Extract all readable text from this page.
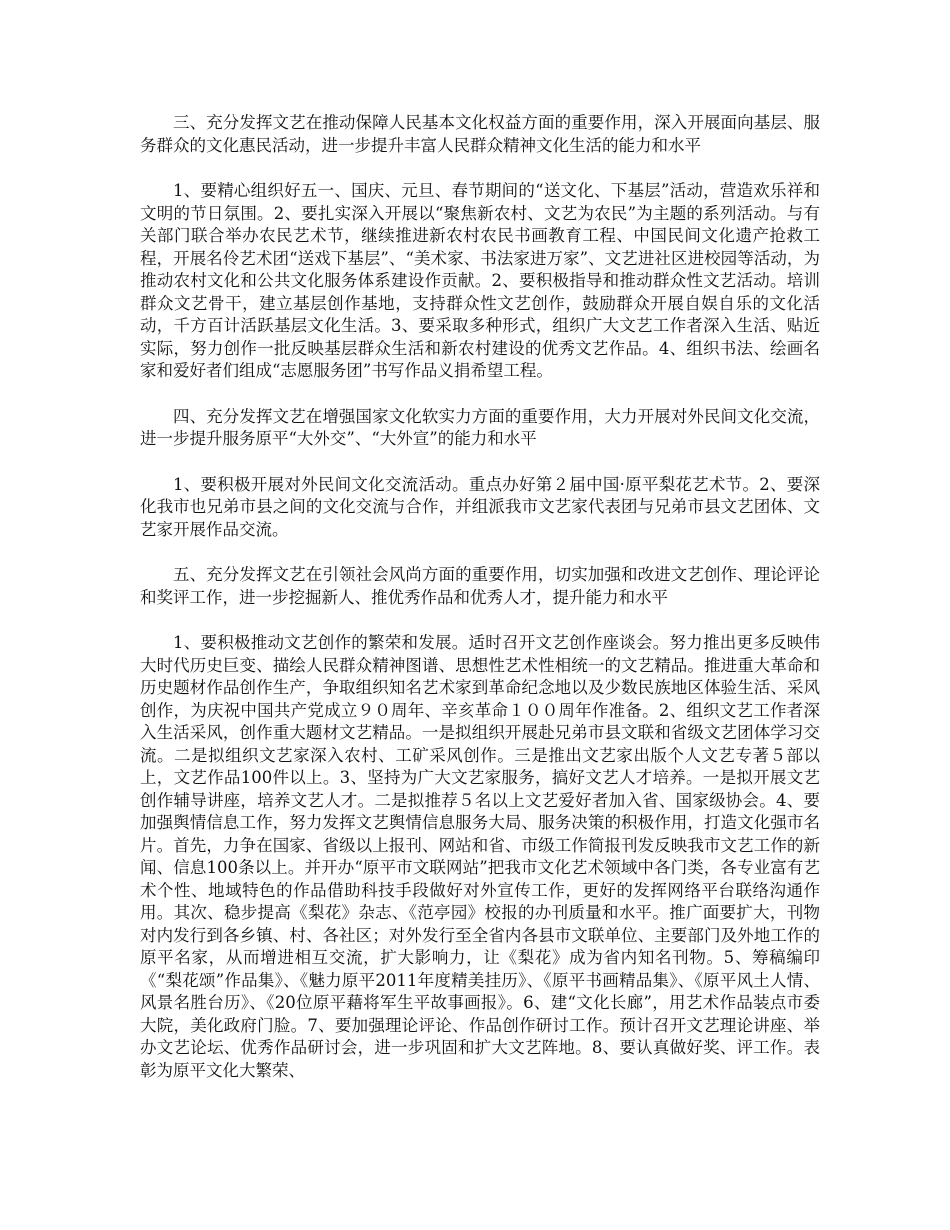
三、充分发挥文艺在推动保障人民基本文化权益方面的重要作用，深入开展面向基层、服务群众的文化惠民活动，进一步提升丰富人民群众精神文化生活的能力和水平

1、要精心组织好五一、国庆、元旦、春节期间的“送文化、下基层”活动，营造欢乐祥和文明的节日氛围。2、要扎实深入开展以“聚焦新农村、文艺为农民”为主题的系列活动。与有关部门联合举办农民艺术节，继续推进新农村农民书画教育工程、中国民间文化遗产抢救工程，开展名伶艺术团“送戏下基层”、“美术家、书法家进万家”、文艺进社区进校园等活动，为推动农村文化和公共文化服务体系建设作贡献。2、要积极指导和推动群众性文艺活动。培训群众文艺骨干，建立基层创作基地，支持群众性文艺创作，鼓励群众开展自娱自乐的文化活动，千方百计活跃基层文化生活。3、要采取多种形式，组织广大文艺工作者深入生活、贴近实际，努力创作一批反映基层群众生活和新农村建设的优秀文艺作品。4、组织书法、绘画名家和爱好者们组成“志愿服务团”书写作品义捐希望工程。

四、充分发挥文艺在增强国家文化软实力方面的重要作用，大力开展对外民间文化交流，进一步提升服务原平“大外交”、“大外宣”的能力和水平

1、要积极开展对外民间文化交流活动。重点办好第２届中国·原平梨花艺术节。2、要深化我市也兄弟市县之间的文化交流与合作，并组派我市文艺家代表团与兄弟市县文艺团体、文艺家开展作品交流。

五、充分发挥文艺在引领社会风尚方面的重要作用，切实加强和改进文艺创作、理论评论和奖评工作，进一步挖掘新人、推优秀作品和优秀人才，提升能力和水平

1、要积极推动文艺创作的繁荣和发展。适时召开文艺创作座谈会。努力推出更多反映伟大时代历史巨变、描绘人民群众精神图谱、思想性艺术性相统一的文艺精品。推进重大革命和历史题材作品创作生产，争取组织知名艺术家到革命纪念地以及少数民族地区体验生活、采风创作，为庆祝中国共产党成立９０周年、辛亥革命１００周年作准备。2、组织文艺工作者深入生活采风，创作重大题材文艺精品。一是拟组织开展赴兄弟市县文联和省级文艺团体学习交流。二是拟组织文艺家深入农村、工矿采风创作。三是推出文艺家出版个人文艺专著５部以上，文艺作品100件以上。3、坚持为广大文艺家服务，搞好文艺人才培养。一是拟开展文艺创作辅导讲座，培养文艺人才。二是拟推荐５名以上文艺爱好者加入省、国家级协会。4、要加强舆情信息工作，努力发挥文艺舆情信息服务大局、服务决策的积极作用，打造文化强市名片。首先，力争在国家、省级以上报刊、网站和省、市级工作简报刊发反映我市文艺工作的新闻、信息100条以上。并开办“原平市文联网站”把我市文化艺术领域中各门类，各专业富有艺术个性、地域特色的作品借助科技手段做好对外宣传工作，更好的发挥网络平台联络沟通作用。其次、稳步提高《梨花》杂志、《范亭园》校报的办刊质量和水平。推广面要扩大，刊物对内发行到各乡镇、村、各社区；对外发行至全省内各县市文联单位、主要部门及外地工作的原平名家，从而增进相互交流，扩大影响力，让《梨花》成为省内知名刊物。5、筹稿编印《“梨花颂”作品集》、《魅力原平2011年度精美挂历》、《原平书画精品集》、《原平风土人情、风景名胜台历》、《20位原平藉将军生平故事画报》。6、建“文化长廊”，用艺术作品装点市委大院，美化政府门脸。7、要加强理论评论、作品创作研讨工作。预计召开文艺理论讲座、举办文艺论坛、优秀作品研讨会，进一步巩固和扩大文艺阵地。8、要认真做好奖、评工作。表彰为原平文化大繁荣、
